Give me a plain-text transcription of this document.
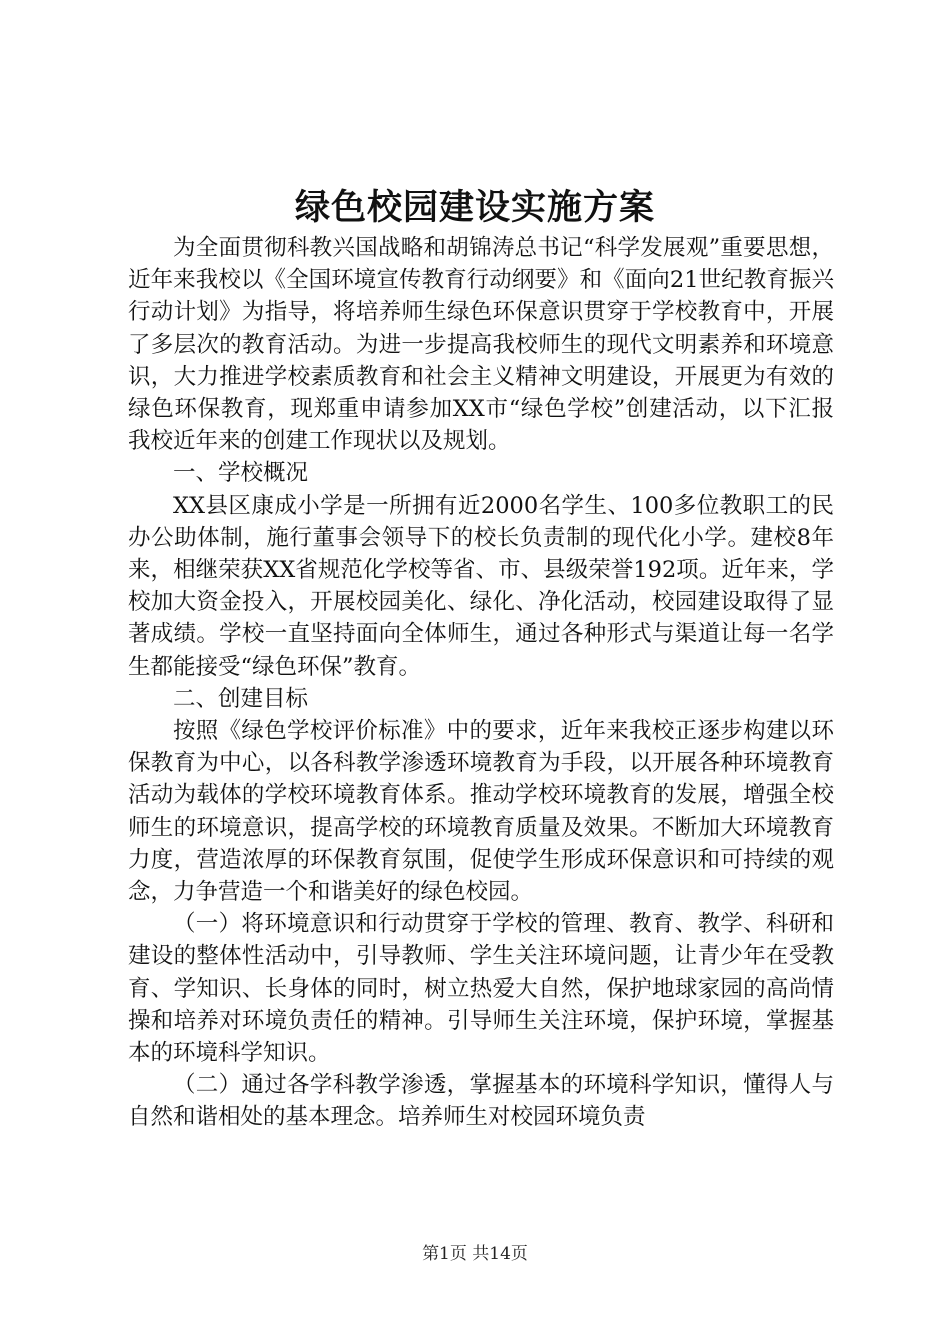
绿色校园建设实施方案

为全面贯彻科教兴国战略和胡锦涛总书记“科学发展观”重要思想，近年来我校以《全国环境宣传教育行动纲要》和《面向21世纪教育振兴行动计划》为指导，将培养师生绿色环保意识贯穿于学校教育中，开展了多层次的教育活动。为进一步提高我校师生的现代文明素养和环境意识，大力推进学校素质教育和社会主义精神文明建设，开展更为有效的绿色环保教育，现郑重申请参加XX市“绿色学校”创建活动，以下汇报我校近年来的创建工作现状以及规划。

一、学校概况

XX县区康成小学是一所拥有近2000名学生、100多位教职工的民办公助体制，施行董事会领导下的校长负责制的现代化小学。建校8年来，相继荣获XX省规范化学校等省、市、县级荣誉192项。近年来，学校加大资金投入，开展校园美化、绿化、净化活动，校园建设取得了显著成绩。学校一直坚持面向全体师生，通过各种形式与渠道让每一名学生都能接受“绿色环保”教育。

二、创建目标

按照《绿色学校评价标准》中的要求，近年来我校正逐步构建以环保教育为中心，以各科教学渗透环境教育为手段，以开展各种环境教育活动为载体的学校环境教育体系。推动学校环境教育的发展，增强全校师生的环境意识，提高学校的环境教育质量及效果。不断加大环境教育力度，营造浓厚的环保教育氛围，促使学生形成环保意识和可持续的观念，力争营造一个和谐美好的绿色校园。

（一）将环境意识和行动贯穿于学校的管理、教育、教学、科研和建设的整体性活动中，引导教师、学生关注环境问题，让青少年在受教育、学知识、长身体的同时，树立热爱大自然，保护地球家园的高尚情操和培养对环境负责任的精神。引导师生关注环境，保护环境，掌握基本的环境科学知识。

（二）通过各学科教学渗透，掌握基本的环境科学知识，懂得人与自然和谐相处的基本理念。培养师生对校园环境负责

第1页 共14页
